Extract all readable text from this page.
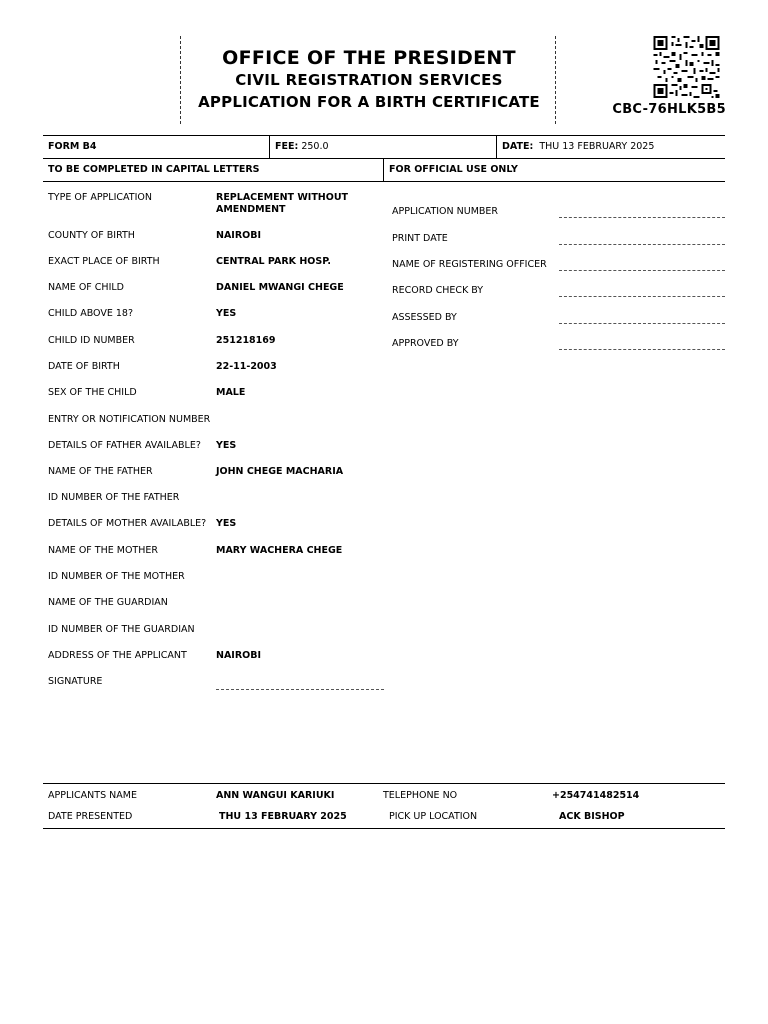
OFFICE OF THE PRESIDENT
CIVIL REGISTRATION SERVICES
APPLICATION FOR A BIRTH CERTIFICATE	CBC-76HLK5B5
FORM B4	FEE: 250.0	DATE: THU 13 FEBRUARY 2025
TO BE COMPLETED IN CAPITAL LETTERS	FOR OFFICIAL USE ONLY
TYPE OF APPLICATION	REPLACEMENT WITHOUT AMENDMENT
COUNTY OF BIRTH	NAIROBI
EXACT PLACE OF BIRTH	CENTRAL PARK HOSP.
NAME OF CHILD	DANIEL MWANGI CHEGE
CHILD ABOVE 18?	YES
CHILD ID NUMBER	251218169
DATE OF BIRTH	22-11-2003
SEX OF THE CHILD	MALE
ENTRY OR NOTIFICATION NUMBER
DETAILS OF FATHER AVAILABLE? YES
NAME OF THE FATHER	JOHN CHEGE MACHARIA
ID NUMBER OF THE FATHER
DETAILS OF MOTHER AVAILABLE? YES
NAME OF THE MOTHER	MARY WACHERA CHEGE
ID NUMBER OF THE MOTHER
NAME OF THE GUARDIAN
ID NUMBER OF THE GUARDIAN
ADDRESS OF THE APPLICANT	NAIROBI
SIGNATURE
APPLICATION NUMBER
PRINT DATE
NAME OF REGISTERING OFFICER
RECORD CHECK BY
ASSESSED BY
APPROVED BY
APPLICANTS NAME	ANN WANGUI KARIUKI	TELEPHONE NO	+254741482514
DATE PRESENTED	THU 13 FEBRUARY 2025	PICK UP LOCATION	ACK BISHOP
